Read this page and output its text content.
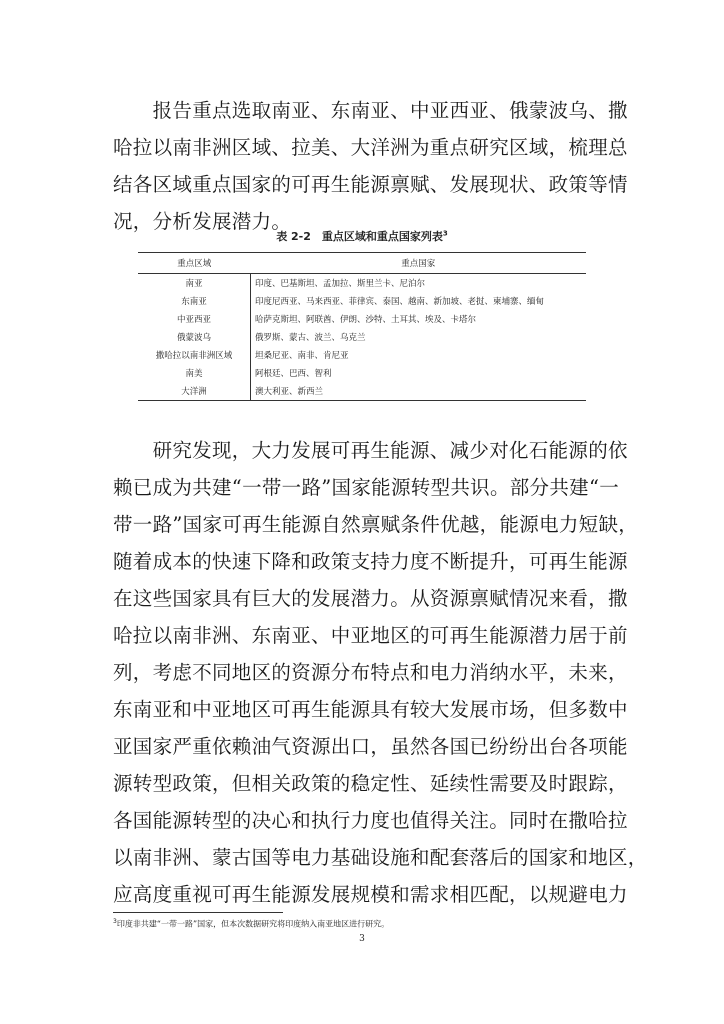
　　报告重点选取南亚、东南亚、中亚西亚、俄蒙波乌、撒
哈拉以南非洲区域、拉美、大洋洲为重点研究区域，梳理总
结各区域重点国家的可再生能源禀赋、发展现状、政策等情
况，分析发展潜力。
表 2-2　重点区域和重点国家列表$^3$
重点区域	重点国家
南亚	印度、巴基斯坦、孟加拉、斯里兰卡、尼泊尔
东南亚	印度尼西亚、马来西亚、菲律宾、泰国、越南、新加坡、老挝、柬埔寨、缅甸
中亚西亚	哈萨克斯坦、阿联酋、伊朗、沙特、土耳其、埃及、卡塔尔
俄蒙波乌	俄罗斯、蒙古、波兰、乌克兰
撒哈拉以南非洲区域	坦桑尼亚、南非、肯尼亚
南美	阿根廷、巴西、智利
大洋洲	澳大利亚、新西兰
　　研究发现，大力发展可再生能源、减少对化石能源的依
赖已成为共建“一带一路”国家能源转型共识。部分共建“一
带一路”国家可再生能源自然禀赋条件优越，能源电力短缺，
随着成本的快速下降和政策支持力度不断提升，可再生能源
在这些国家具有巨大的发展潜力。从资源禀赋情况来看，撒
哈拉以南非洲、东南亚、中亚地区的可再生能源潜力居于前
列，考虑不同地区的资源分布特点和电力消纳水平，未来，
东南亚和中亚地区可再生能源具有较大发展市场，但多数中
亚国家严重依赖油气资源出口，虽然各国已纷纷出台各项能
源转型政策，但相关政策的稳定性、延续性需要及时跟踪，
各国能源转型的决心和执行力度也值得关注。同时在撒哈拉
以南非洲、蒙古国等电力基础设施和配套落后的国家和地区，
应高度重视可再生能源发展规模和需求相匹配，以规避电力
$^3$印度非共建“一带一路”国家，但本次数据研究将印度纳入南亚地区进行研究。
3
